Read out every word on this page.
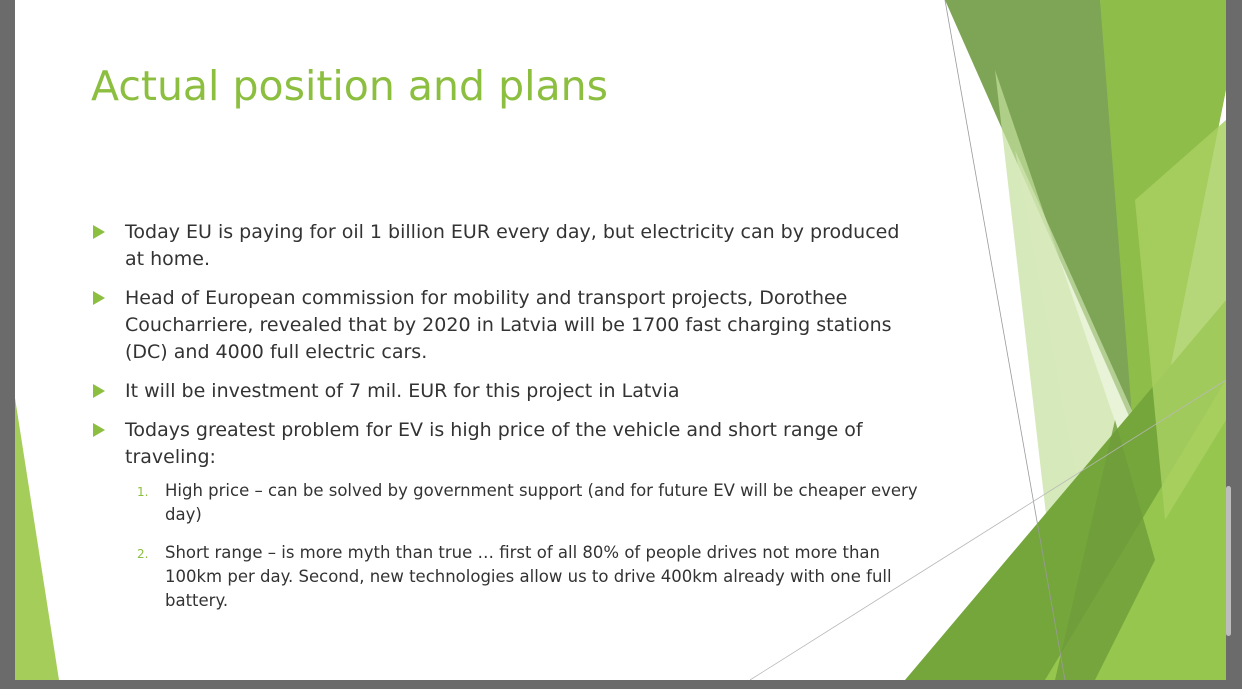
Actual position and plans
Today EU is paying for oil 1 billion EUR every day, but electricity can by produced at home.
Head of European commission for mobility and transport projects, Dorothee Coucharriere, revealed that by 2020 in Latvia will be 1700 fast charging stations (DC) and 4000 full electric cars.
It will be investment of 7 mil. EUR for this project in Latvia
Todays greatest problem for EV is high price of the vehicle and short range of traveling:
1. High price – can be solved by government support (and for future EV will be cheaper every day)
2. Short range – is more myth than true … first of all 80% of people drives not more than 100km per day. Second, new technologies allow us to drive 400km already with one full battery.
